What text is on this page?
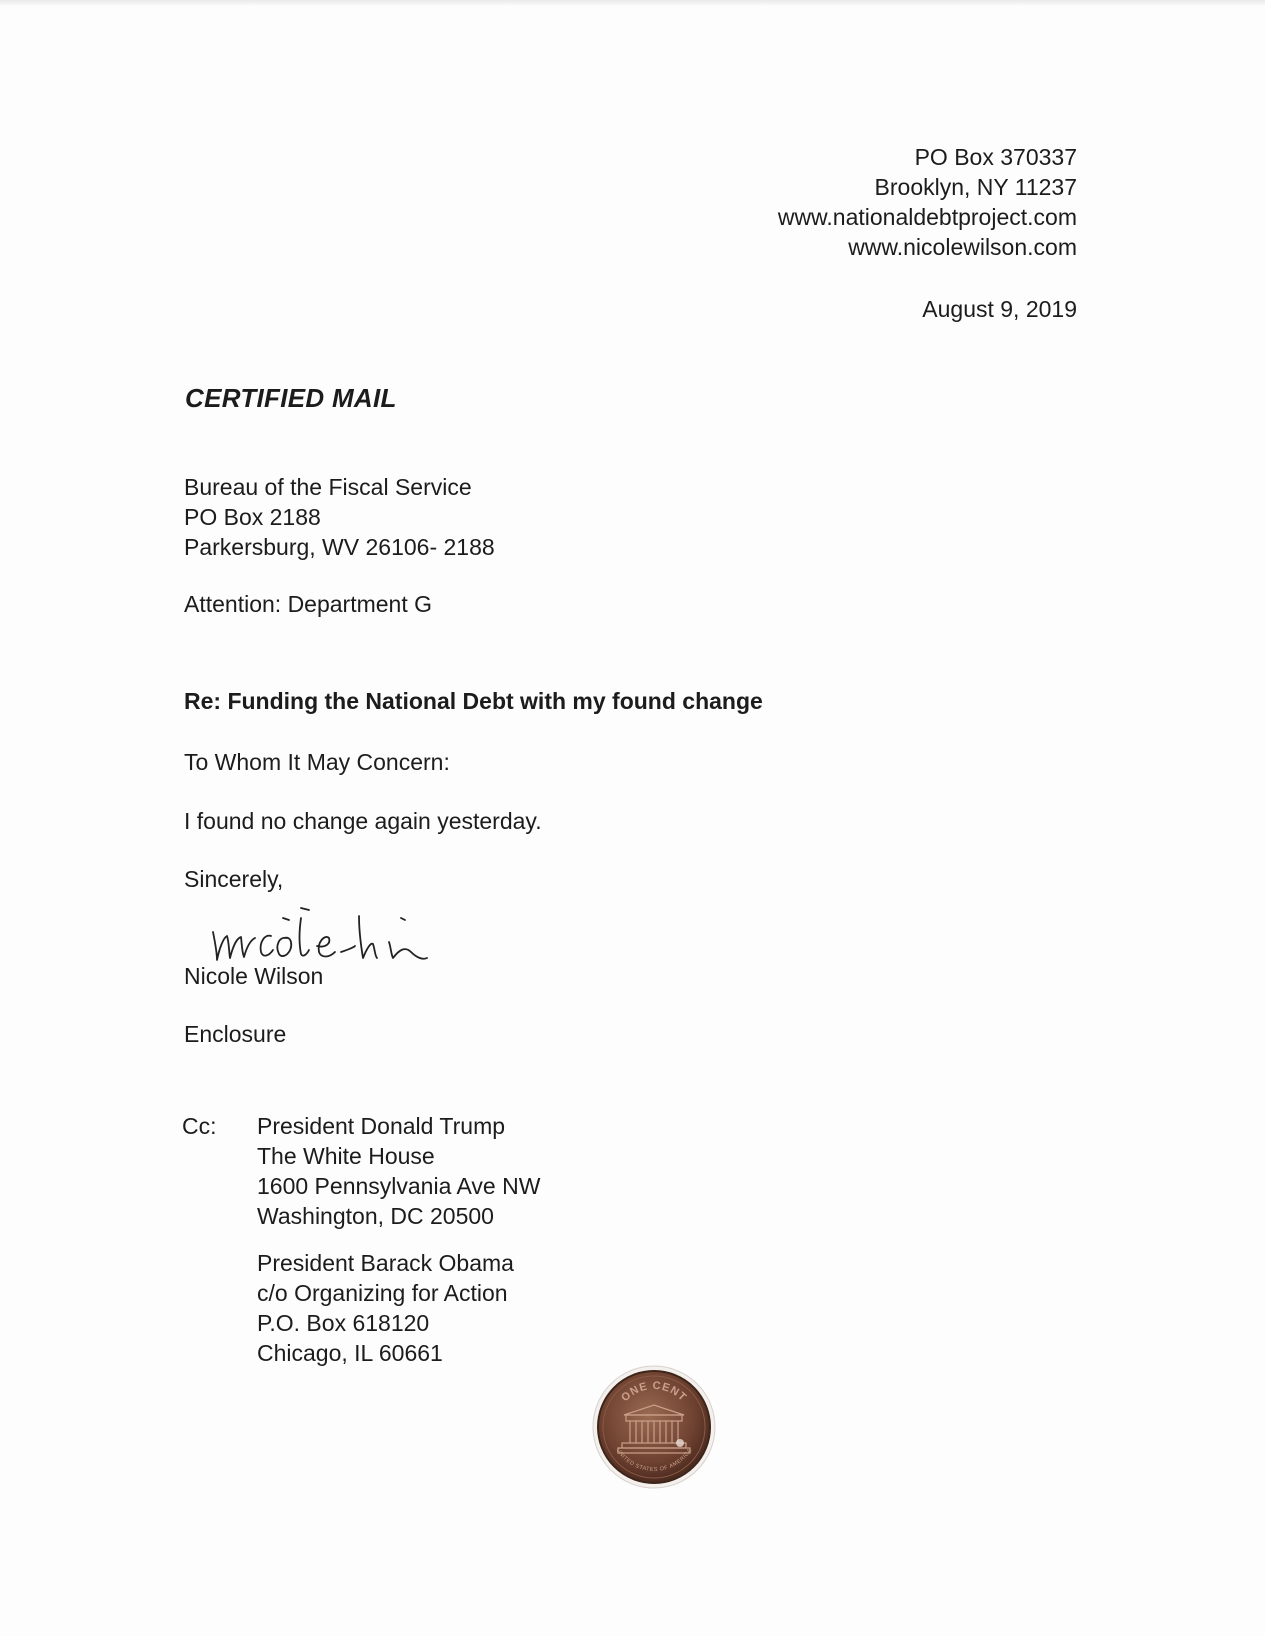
PO Box 370337
Brooklyn, NY 11237
www.nationaldebtproject.com
www.nicolewilson.com
August 9, 2019
CERTIFIED MAIL
Bureau of the Fiscal Service
PO Box 2188
Parkersburg, WV 26106- 2188
Attention: Department G
Re: Funding the National Debt with my found change
To Whom It May Concern:
I found no change again yesterday.
Sincerely,
Nicole Wilson
Enclosure
Cc: President Donald Trump
The White House
1600 Pennsylvania Ave NW
Washington, DC 20500
President Barack Obama
c/o Organizing for Action
P.O. Box 618120
Chicago, IL 60661
ONE CENT
UNITED STATES OF AMERICA
